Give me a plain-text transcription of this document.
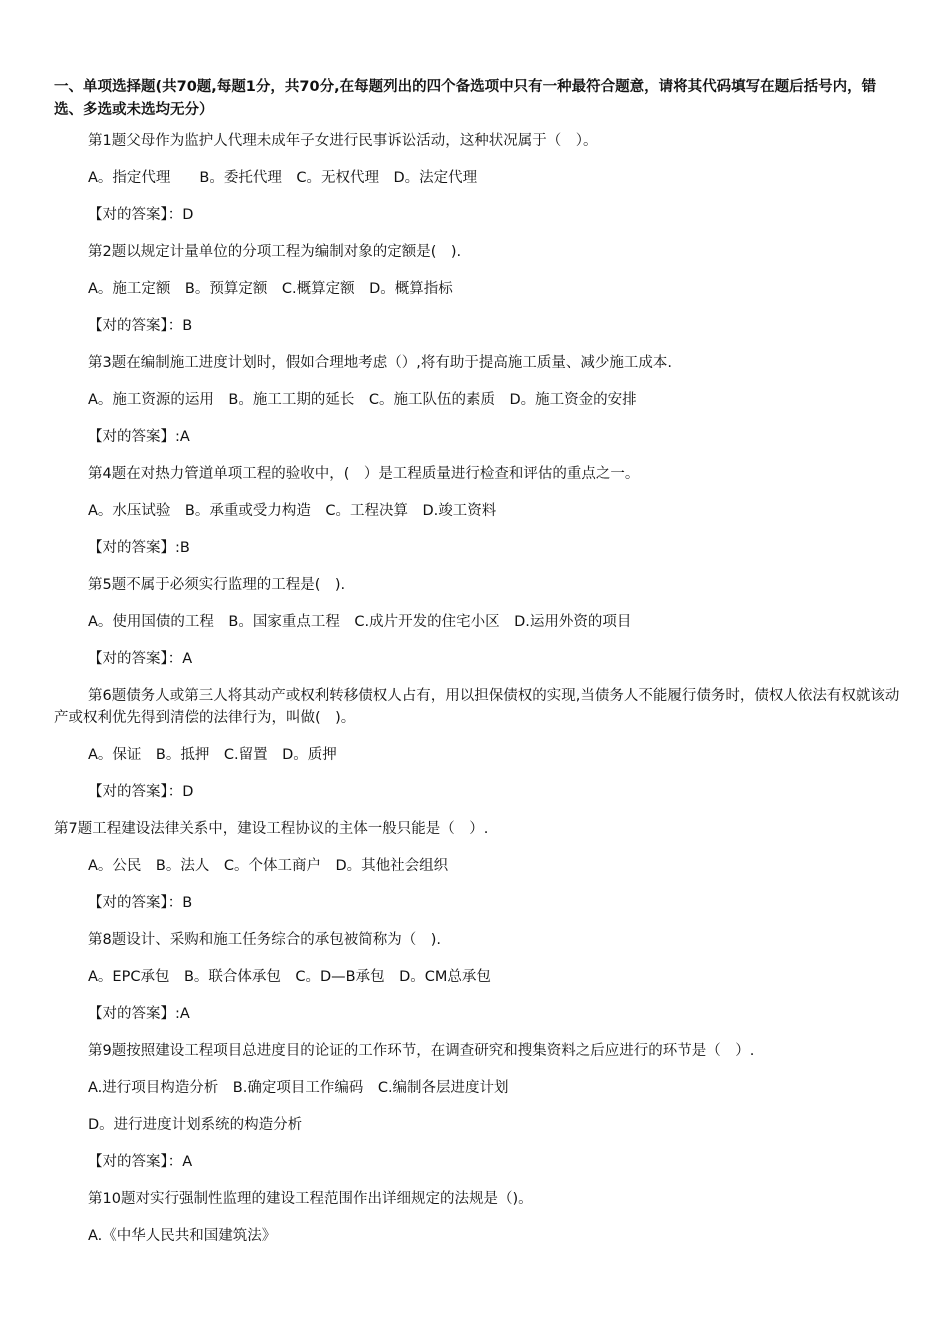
一、单项选择题(共70题,每题1分，共70分,在每题列出的四个备选项中只有一种最符合题意，请将其代码填写在题后括号内，错选、多选或未选均无分）

第1题父母作为监护人代理未成年子女进行民事诉讼活动，这种状况属于（　）。

A。指定代理　　B。委托代理　C。无权代理　D。法定代理

【对的答案】：D

第2题以规定计量单位的分项工程为编制对象的定额是(　).

A。施工定额　B。预算定额　C.概算定额　D。概算指标

【对的答案】：B

第3题在编制施工进度计划时，假如合理地考虑（）,将有助于提高施工质量、减少施工成本.

A。施工资源的运用　B。施工工期的延长　C。施工队伍的素质　D。施工资金的安排

【对的答案】:A

第4题在对热力管道单项工程的验收中，(　）是工程质量进行检查和评估的重点之一。

A。水压试验　B。承重或受力构造　C。工程决算　D.竣工资料

【对的答案】:B

第5题不属于必须实行监理的工程是(　).

A。使用国债的工程　B。国家重点工程　C.成片开发的住宅小区　D.运用外资的项目

【对的答案】：A

第6题债务人或第三人将其动产或权利转移债权人占有，用以担保债权的实现,当债务人不能履行债务时，债权人依法有权就该动产或权利优先得到清偿的法律行为，叫做(　)。

A。保证　B。抵押　C.留置　D。质押

【对的答案】：D

第7题工程建设法律关系中，建设工程协议的主体一般只能是（　）.

A。公民　B。法人　C。个体工商户　D。其他社会组织

【对的答案】：B

第8题设计、采购和施工任务综合的承包被简称为（　).

A。EPC承包　B。联合体承包　C。D—B承包　D。CM总承包

【对的答案】:A

第9题按照建设工程项目总进度目的论证的工作环节，在调查研究和搜集资料之后应进行的环节是（　）.

A.进行项目构造分析　B.确定项目工作编码　C.编制各层进度计划

D。进行进度计划系统的构造分析

【对的答案】：A

第10题对实行强制性监理的建设工程范围作出详细规定的法规是（)。

A.《中华人民共和国建筑法》
